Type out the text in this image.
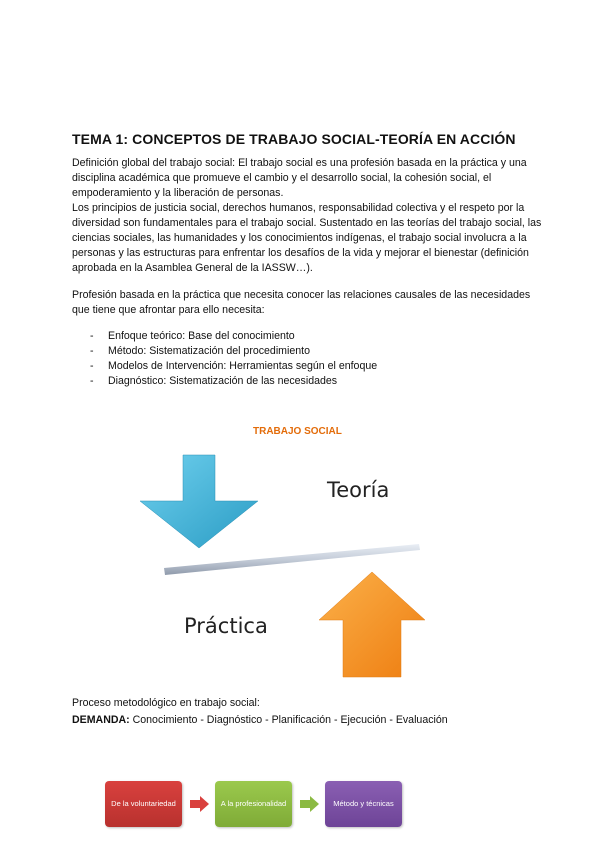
TEMA 1: CONCEPTOS DE TRABAJO SOCIAL-TEORÍA EN ACCIÓN

Definición global del trabajo social: El trabajo social es una profesión basada en la práctica y una disciplina académica que promueve el cambio y el desarrollo social, la cohesión social, el empoderamiento y la liberación de personas.

Los principios de justicia social, derechos humanos, responsabilidad colectiva y el respeto por la diversidad son fundamentales para el trabajo social. Sustentado en las teorías del trabajo social, las ciencias sociales, las humanidades y los conocimientos indígenas, el trabajo social involucra a la personas y las estructuras para enfrentar los desafíos de la vida y mejorar el bienestar (definición aprobada en la Asamblea General de la IASSW…).

Profesión basada en la práctica que necesita conocer las relaciones causales de las necesidades que tiene que afrontar para ello necesita:

- Enfoque teórico: Base del conocimiento
- Método: Sistematización del procedimiento
- Modelos de Intervención: Herramientas según el enfoque
- Diagnóstico: Sistematización de las necesidades
TRABAJO SOCIAL
Teoría
Práctica
Proceso metodológico en trabajo social:
DEMANDA: Conocimiento - Diagnóstico - Planificación - Ejecución - Evaluación
De la voluntariedad	A la profesionalidad	Método y técnicas
